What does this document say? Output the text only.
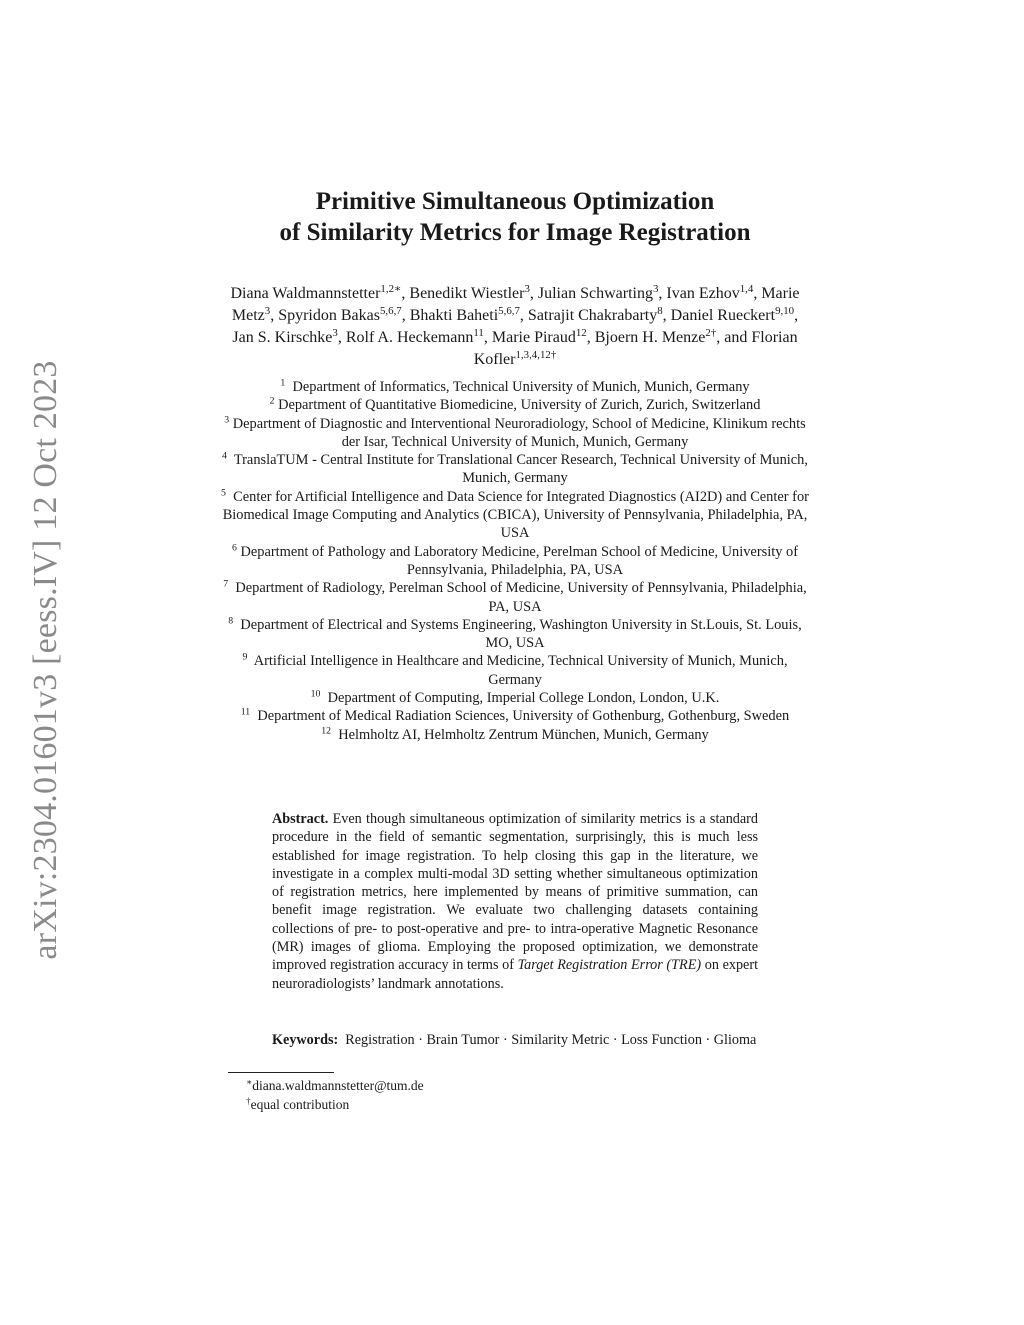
arXiv:2304.01601v3 [eess.IV] 12 Oct 2023
Primitive Simultaneous Optimization
of Similarity Metrics for Image Registration
Diana Waldmannstetter$^{1,2∗}$, Benedikt Wiestler$^3$, Julian Schwarting$^3$, Ivan Ezhov$^{1,4}$, Marie Metz$^3$, Spyridon Bakas$^{5,6,7}$, Bhakti Baheti$^{5,6,7}$, Satrajit Chakrabarty$^8$, Daniel Rueckert$^{9,10}$, Jan S. Kirschke$^3$, Rolf A. Heckemann$^{11}$, Marie Piraud$^{12}$, Bjoern H. Menze$^{2\dagger}$, and Florian Kofler$^{1,3,4,12\dagger}$
$^1$ Department of Informatics, Technical University of Munich, Munich, Germany
$^2$ Department of Quantitative Biomedicine, University of Zurich, Zurich, Switzerland
$^3$ Department of Diagnostic and Interventional Neuroradiology, School of Medicine, Klinikum rechts der Isar, Technical University of Munich, Munich, Germany
$^4$ TranslaTUM - Central Institute for Translational Cancer Research, Technical University of Munich, Munich, Germany
$^5$ Center for Artificial Intelligence and Data Science for Integrated Diagnostics (AI2D) and Center for Biomedical Image Computing and Analytics (CBICA), University of Pennsylvania, Philadelphia, PA, USA
$^6$ Department of Pathology and Laboratory Medicine, Perelman School of Medicine, University of Pennsylvania, Philadelphia, PA, USA
$^7$ Department of Radiology, Perelman School of Medicine, University of Pennsylvania, Philadelphia, PA, USA
$^8$ Department of Electrical and Systems Engineering, Washington University in St.Louis, St. Louis, MO, USA
$^9$ Artificial Intelligence in Healthcare and Medicine, Technical University of Munich, Munich, Germany
$^{10}$ Department of Computing, Imperial College London, London, U.K.
$^{11}$ Department of Medical Radiation Sciences, University of Gothenburg, Gothenburg, Sweden
$^{12}$ Helmholtz AI, Helmholtz Zentrum München, Munich, Germany
Abstract. Even though simultaneous optimization of similarity metrics is a standard procedure in the field of semantic segmentation, surprisingly, this is much less established for image registration. To help closing this gap in the literature, we investigate in a complex multi-modal 3D setting whether simultaneous optimization of registration metrics, here implemented by means of primitive summation, can benefit image registration. We evaluate two challenging datasets containing collections of pre- to post-operative and pre- to intra-operative Magnetic Resonance (MR) images of glioma. Employing the proposed optimization, we demonstrate improved registration accuracy in terms of Target Registration Error (TRE) on expert neuroradiologists’ landmark annotations.
Keywords: Registration · Brain Tumor · Similarity Metric · Loss Function · Glioma
∗diana.waldmannstetter@tum.de
†equal contribution
